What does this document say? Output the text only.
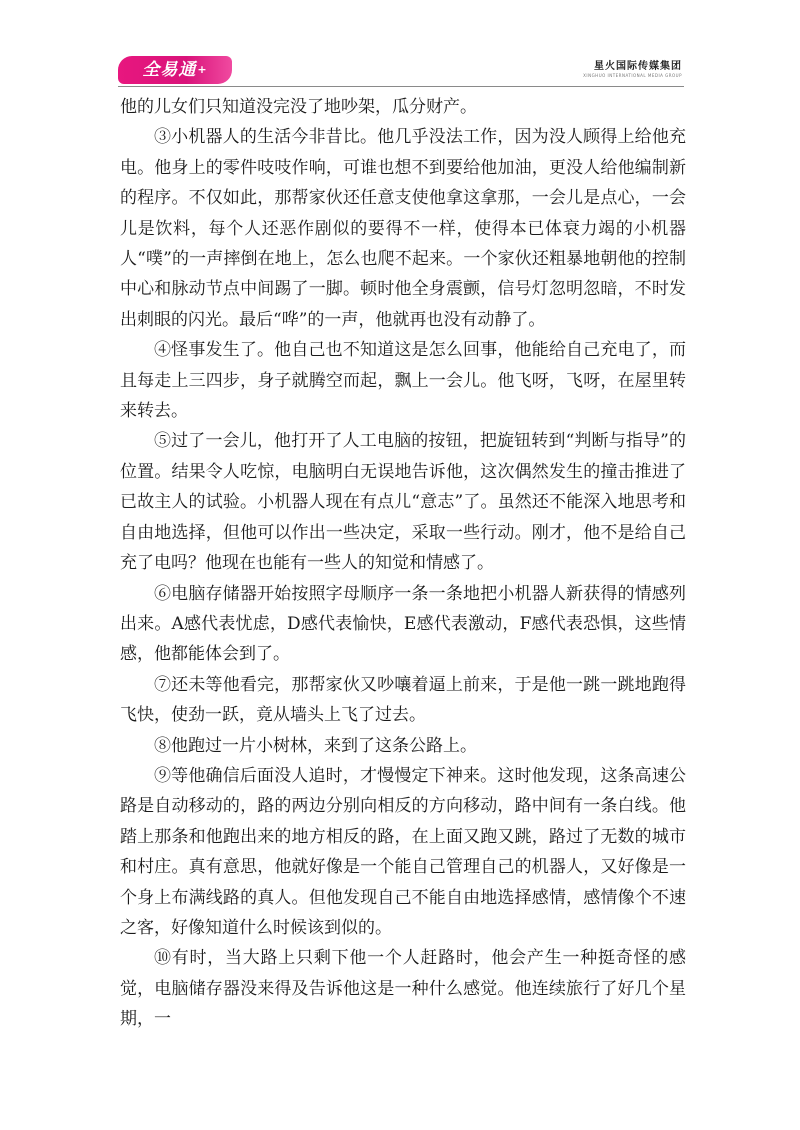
全易通+	星火国际传媒集团
XINGHUO INTERNATIONAL MEDIA GROUP

他的儿女们只知道没完没了地吵架，瓜分财产。

③小机器人的生活今非昔比。他几乎没法工作，因为没人顾得上给他充电。他身上的零件吱吱作响，可谁也想不到要给他加油，更没人给他编制新的程序。不仅如此，那帮家伙还任意支使他拿这拿那，一会儿是点心，一会儿是饮料，每个人还恶作剧似的要得不一样，使得本已体衰力竭的小机器人“噗”的一声摔倒在地上，怎么也爬不起来。一个家伙还粗暴地朝他的控制中心和脉动节点中间踢了一脚。顿时他全身震颤，信号灯忽明忽暗，不时发出刺眼的闪光。最后“哗”的一声，他就再也没有动静了。

④怪事发生了。他自己也不知道这是怎么回事，他能给自己充电了，而且每走上三四步，身子就腾空而起，飘上一会儿。他飞呀，飞呀，在屋里转来转去。

⑤过了一会儿，他打开了人工电脑的按钮，把旋钮转到“判断与指导”的位置。结果令人吃惊，电脑明白无误地告诉他，这次偶然发生的撞击推进了已故主人的试验。小机器人现在有点儿“意志”了。虽然还不能深入地思考和自由地选择，但他可以作出一些决定，采取一些行动。刚才，他不是给自己充了电吗？他现在也能有一些人的知觉和情感了。

⑥电脑存储器开始按照字母顺序一条一条地把小机器人新获得的情感列出来。A感代表忧虑，D感代表愉快，E感代表激动，F感代表恐惧，这些情感，他都能体会到了。

⑦还未等他看完，那帮家伙又吵嚷着逼上前来，于是他一跳一跳地跑得飞快，使劲一跃，竟从墙头上飞了过去。

⑧他跑过一片小树林，来到了这条公路上。

⑨等他确信后面没人追时，才慢慢定下神来。这时他发现，这条高速公路是自动移动的，路的两边分别向相反的方向移动，路中间有一条白线。他踏上那条和他跑出来的地方相反的路，在上面又跑又跳，路过了无数的城市和村庄。真有意思，他就好像是一个能自己管理自己的机器人，又好像是一个身上布满线路的真人。但他发现自己不能自由地选择感情，感情像个不速之客，好像知道什么时候该到似的。

⑩有时，当大路上只剩下他一个人赶路时，他会产生一种挺奇怪的感觉，电脑储存器没来得及告诉他这是一种什么感觉。他连续旅行了好几个星期，一
